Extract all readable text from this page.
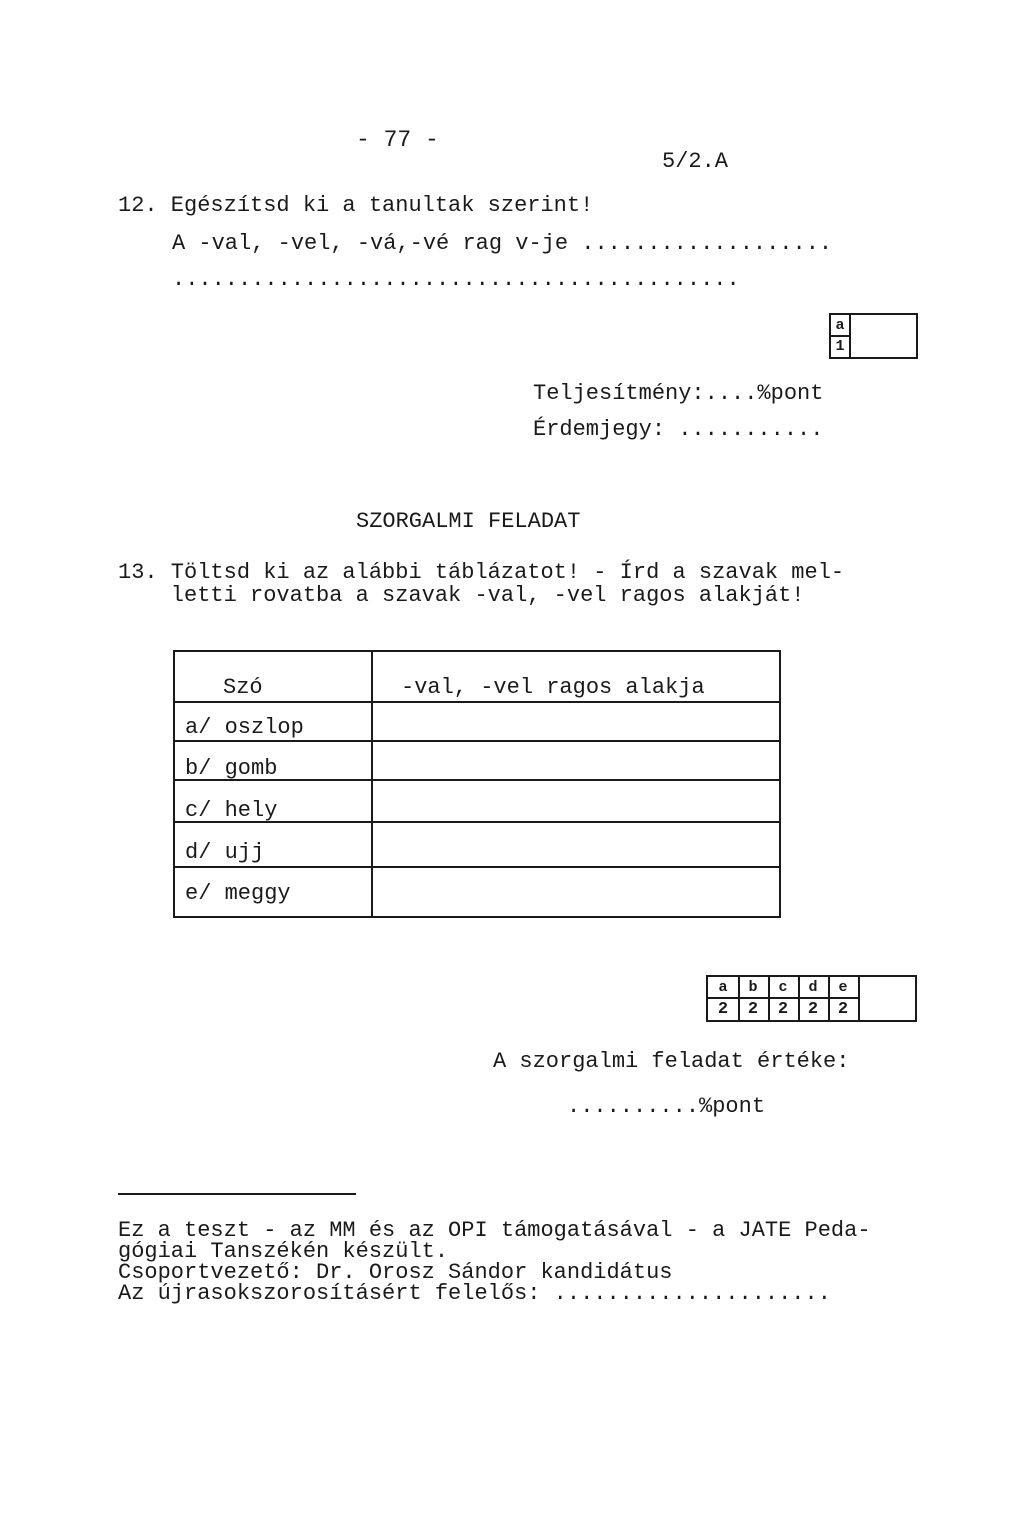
- 77 -
5/2.A
12. Egészítsd ki a tanultak szerint!
A -val, -vel, -vá,-vé rag v-je ...................
...........................................
a
1
Teljesítmény:....%pont
Érdemjegy: ...........
SZORGALMI FELADAT
13. Töltsd ki az alábbi táblázatot! - Írd a szavak mel-
letti rovatba a szavak -val, -vel ragos alakját!
Szó	-val, -vel ragos alakja
a/ oszlop
b/ gomb
c/ hely
d/ ujj
e/ meggy
a	b	c	d	e
2	2	2	2	2
A szorgalmi feladat értéke:
..........%pont
Ez a teszt - az MM és az OPI támogatásával - a JATE Peda-
gógiai Tanszékén készült.
Csoportvezető: Dr. Orosz Sándor kandidátus
Az újrasokszorosításért felelős: .....................
